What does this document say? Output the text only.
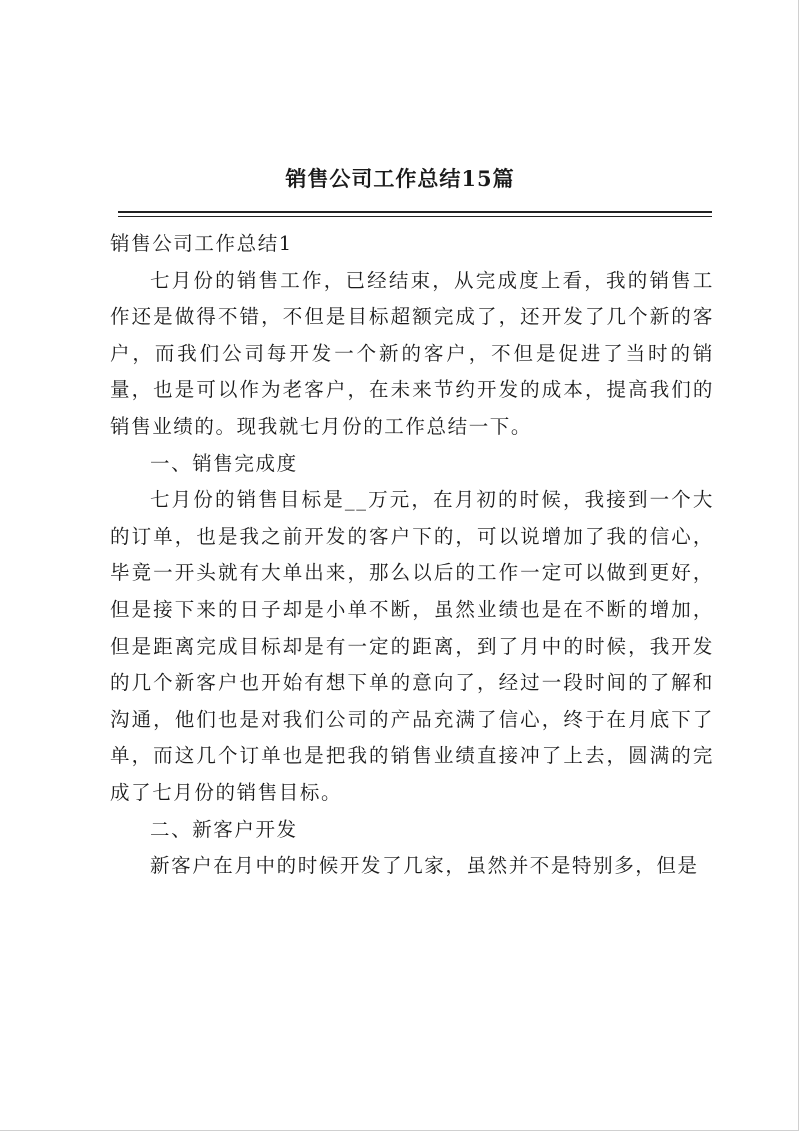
销售公司工作总结15篇

销售公司工作总结1

七月份的销售工作，已经结束，从完成度上看，我的销售工作还是做得不错，不但是目标超额完成了，还开发了几个新的客户，而我们公司每开发一个新的客户，不但是促进了当时的销量，也是可以作为老客户，在未来节约开发的成本，提高我们的销售业绩的。现我就七月份的工作总结一下。

一、销售完成度

七月份的销售目标是__万元，在月初的时候，我接到一个大的订单，也是我之前开发的客户下的，可以说增加了我的信心，毕竟一开头就有大单出来，那么以后的工作一定可以做到更好，但是接下来的日子却是小单不断，虽然业绩也是在不断的增加，但是距离完成目标却是有一定的距离，到了月中的时候，我开发的几个新客户也开始有想下单的意向了，经过一段时间的了解和沟通，他们也是对我们公司的产品充满了信心，终于在月底下了单，而这几个订单也是把我的销售业绩直接冲了上去，圆满的完成了七月份的销售目标。

二、新客户开发

新客户在月中的时候开发了几家，虽然并不是特别多，但是
